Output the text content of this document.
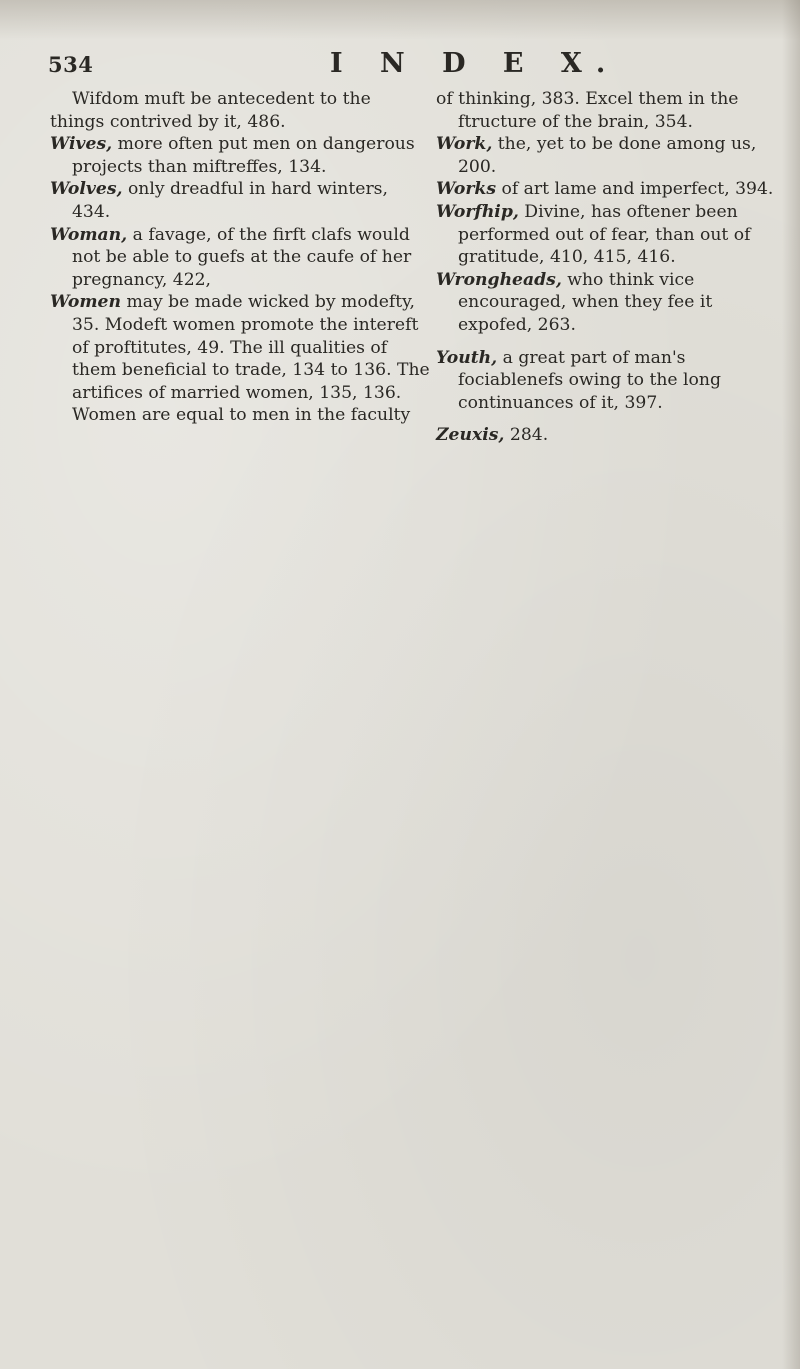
534	I N D E X.

Wifdom muft be antecedent to the things contrived by it, 486.

Wives, more often put men on dangerous projects than miftreffes, 134.

Wolves, only dreadful in hard winters, 434.

Woman, a favage, of the firft clafs would not be able to guefs at the caufe of her pregnancy, 422,

Women may be made wicked by modefty, 35. Modeft women promote the intereft of proftitutes, 49. The ill qualities of them beneficial to trade, 134 to 136. The artifices of married women, 135, 136. Women are equal to men in the faculty

of thinking, 383. Excel them in the ftructure of the brain, 354.

Work, the, yet to be done among us, 200.

Works of art lame and imperfect, 394.

Worfhip, Divine, has oftener been performed out of fear, than out of gratitude, 410, 415, 416.

Wrongheads, who think vice encouraged, when they fee it expofed, 263.

Youth, a great part of man's fociablenefs owing to the long continuances of it, 397.

Zeuxis, 284.
